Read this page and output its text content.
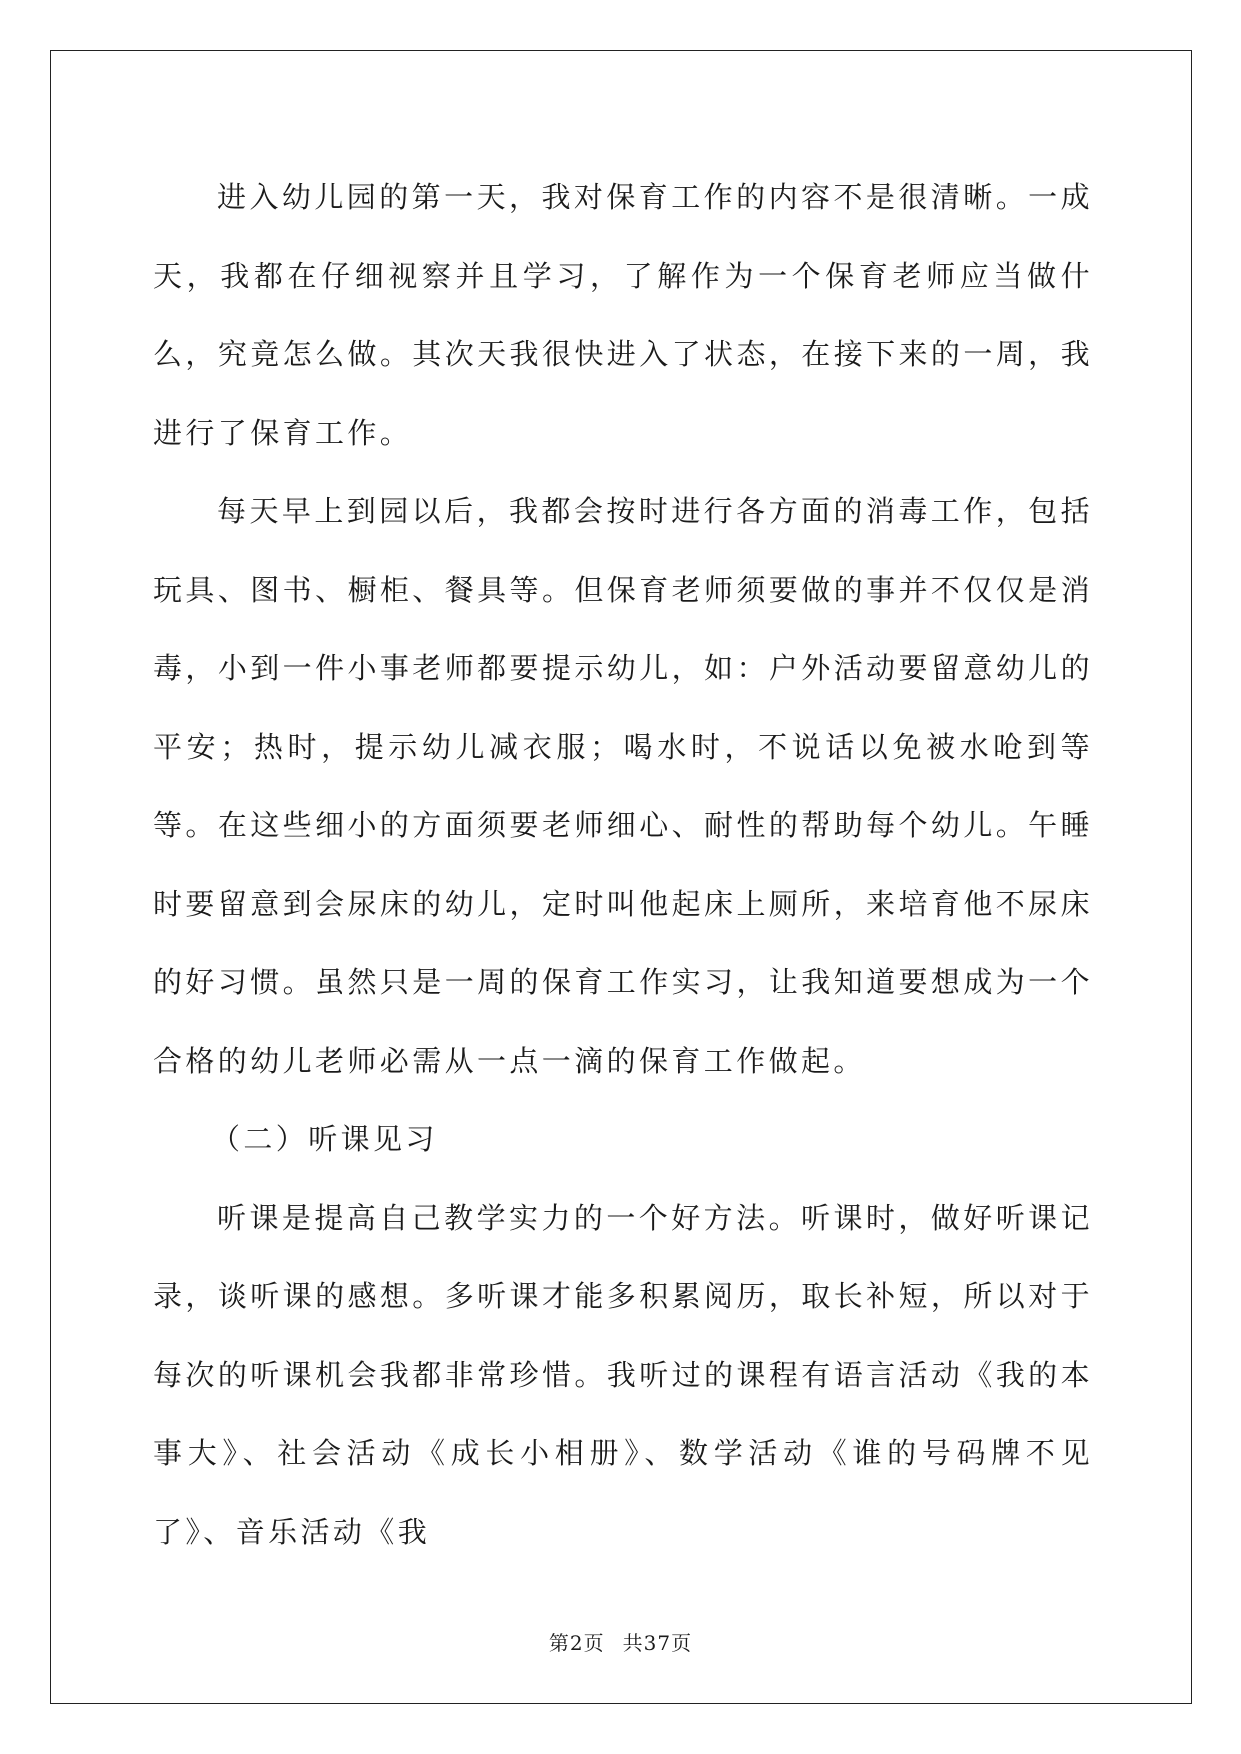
进入幼儿园的第一天，我对保育工作的内容不是很清晰。一成天，我都在仔细视察并且学习，了解作为一个保育老师应当做什么，究竟怎么做。其次天我很快进入了状态，在接下来的一周，我进行了保育工作。

每天早上到园以后，我都会按时进行各方面的消毒工作，包括玩具、图书、橱柜、餐具等。但保育老师须要做的事并不仅仅是消毒，小到一件小事老师都要提示幼儿，如：户外活动要留意幼儿的平安；热时，提示幼儿减衣服；喝水时，不说话以免被水呛到等等。在这些细小的方面须要老师细心、耐性的帮助每个幼儿。午睡时要留意到会尿床的幼儿，定时叫他起床上厕所，来培育他不尿床的好习惯。虽然只是一周的保育工作实习，让我知道要想成为一个合格的幼儿老师必需从一点一滴的保育工作做起。

（二）听课见习

听课是提高自己教学实力的一个好方法。听课时，做好听课记录，谈听课的感想。多听课才能多积累阅历，取长补短，所以对于每次的听课机会我都非常珍惜。我听过的课程有语言活动《我的本事大》、社会活动《成长小相册》、数学活动《谁的号码牌不见了》、音乐活动《我

第2页 共37页
